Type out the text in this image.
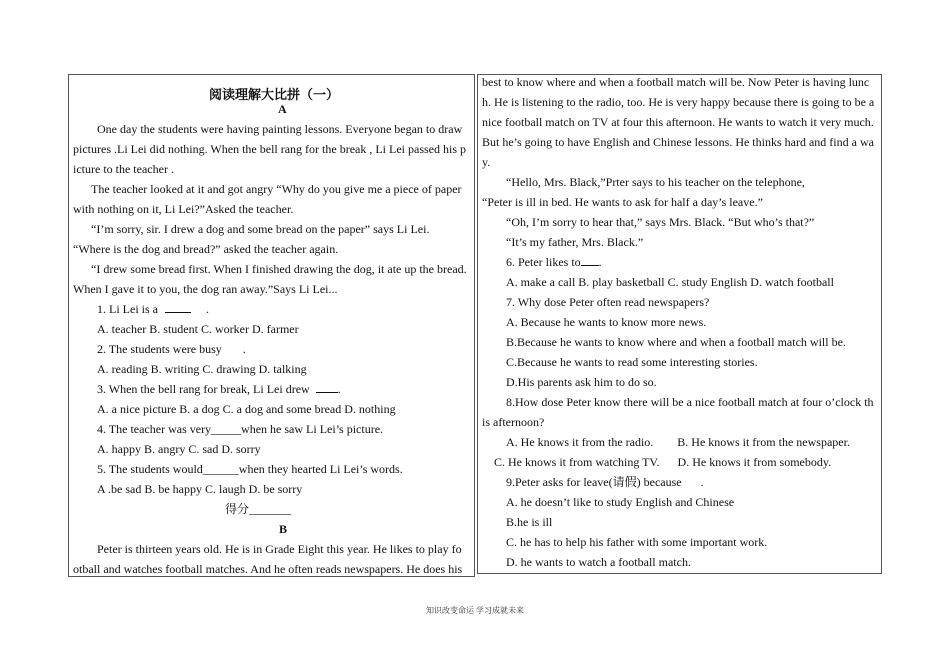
阅读理解大比拼（一）
A
One day the students were having painting lessons. Everyone began to draw
pictures .Li Lei did nothing. When the bell rang for the break , Li Lei passed his p
icture to the teacher .
The teacher looked at it and got angry “Why do you give me a piece of paper
with nothing on it, Li Lei?”Asked the teacher.
“I’m sorry, sir. I drew a dog and some bread on the paper” says Li Lei.
“Where is the dog and bread?” asked the teacher again.
“I drew some bread first. When I finished drawing the dog, it ate up the bread.
When I gave it to you, the dog ran away.”Says Li Lei...
1. Li Lei is a	.
A. teacher B. student C. worker D. farmer
2. The students were busy .
A. reading B. writing C. drawing D. talking
3. When the bell rang for break, Li Lei drew .
A. a nice picture B. a dog C. a dog and some bread D. nothing
4. The teacher was very_____when he saw Li Lei’s picture.
A. happy B. angry C. sad D. sorry
5. The students would______when they hearted Li Lei’s words.
A .be sad B. be happy C. laugh D. be sorry
得分_______
B
Peter is thirteen years old. He is in Grade Eight this year. He likes to play fo
otball and watches football matches. And he often reads newspapers. He does his
best to know where and when a football match will be. Now Peter is having lunc
h. He is listening to the radio, too. He is very happy because there is going to be a
nice football match on TV at four this afternoon. He wants to watch it very much.
But he’s going to have English and Chinese lessons. He thinks hard and find a wa
y.
“Hello, Mrs. Black,”Prter says to his teacher on the telephone,
“Peter is ill in bed. He wants to ask for half a day’s leave.”
“Oh, I’m sorry to hear that,” says Mrs. Black. “But who’s that?”
“It’s my father, Mrs. Black.”
6. Peter likes to .
A. make a call B. play basketball C. study English D. watch football
7. Why dose Peter often read newspapers?
A. Because he wants to know more news.
B.Because he wants to know where and when a football match will be.
C.Because he wants to read some interesting stories.
D.His parents ask him to do so.
8.How dose Peter know there will be a nice football match at four o’clock th
is afternoon?
A. He knows it from the radio.        B. He knows it from the newspaper.
C. He knows it from watching TV.      D. He knows it from somebody.
9.Peter asks for leave(请假) because .
A. he doesn’t like to study English and Chinese
B.he is ill
C. he has to help his father with some important work.
D. he wants to watch a football match.
知识改变命运 学习成就未来
